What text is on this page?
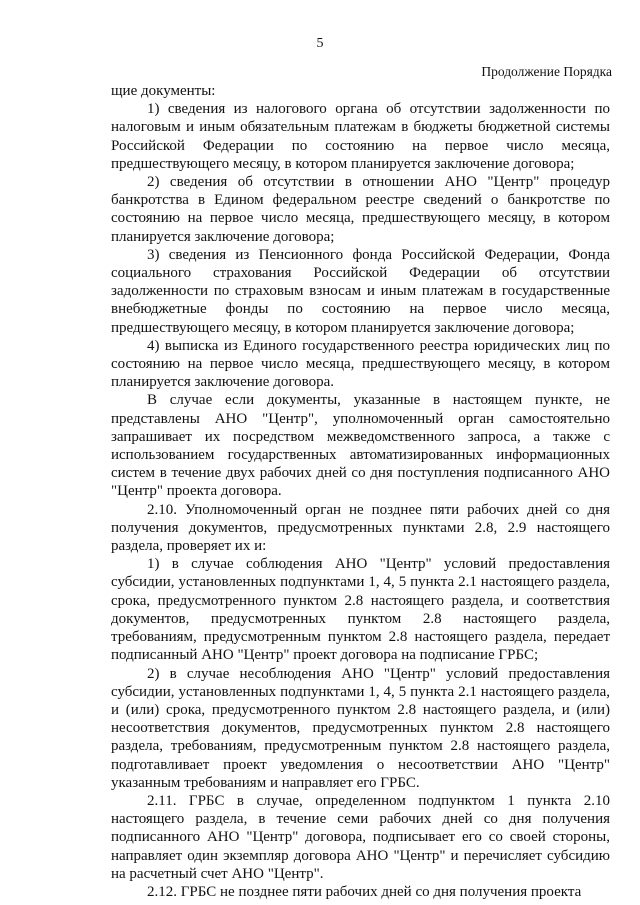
5
Продолжение Порядка

щие документы:

1) сведения из налогового органа об отсутствии задолженности по налоговым и иным обязательным платежам в бюджеты бюджетной системы Российской Федерации по состоянию на первое число месяца, предшествующего месяцу, в котором планируется заключение договора;

2) сведения об отсутствии в отношении АНО "Центр" процедур банкротства в Едином федеральном реестре сведений о банкротстве по состоянию на первое число месяца, предшествующего месяцу, в котором планируется заключение договора;

3) сведения из Пенсионного фонда Российской Федерации, Фонда социального страхования Российской Федерации об отсутствии задолженности по страховым взносам и иным платежам в государственные внебюджетные фонды по состоянию на первое число месяца, предшествующего месяцу, в котором планируется заключение договора;

4) выписка из Единого государственного реестра юридических лиц по состоянию на первое число месяца, предшествующего месяцу, в котором планируется заключение договора.

В случае если документы, указанные в настоящем пункте, не представлены АНО "Центр", уполномоченный орган самостоятельно запрашивает их посредством межведомственного запроса, а также с использованием государственных автоматизированных информационных систем в течение двух рабочих дней со дня поступления подписанного АНО "Центр" проекта договора.

2.10. Уполномоченный орган не позднее пяти рабочих дней со дня получения документов, предусмотренных пунктами 2.8, 2.9 настоящего раздела, проверяет их и:

1) в случае соблюдения АНО "Центр" условий предоставления субсидии, установленных подпунктами 1, 4, 5 пункта 2.1 настоящего раздела, срока, предусмотренного пунктом 2.8 настоящего раздела, и соответствия документов, предусмотренных пунктом 2.8 настоящего раздела, требованиям, предусмотренным пунктом 2.8 настоящего раздела, передает подписанный АНО "Центр" проект договора на подписание ГРБС;

2) в случае несоблюдения АНО "Центр" условий предоставления субсидии, установленных подпунктами 1, 4, 5 пункта 2.1 настоящего раздела, и (или) срока, предусмотренного пунктом 2.8 настоящего раздела, и (или) несоответствия документов, предусмотренных пунктом 2.8 настоящего раздела, требованиям, предусмотренным пунктом 2.8 настоящего раздела, подготавливает проект уведомления о несоответствии АНО "Центр" указанным требованиям и направляет его ГРБС.

2.11. ГРБС в случае, определенном подпунктом 1 пункта 2.10 настоящего раздела, в течение семи рабочих дней со дня получения подписанного АНО "Центр" договора, подписывает его со своей стороны, направляет один экземпляр договора АНО "Центр" и перечисляет субсидию на расчетный счет АНО "Центр".

2.12. ГРБС не позднее пяти рабочих дней со дня получения проекта
